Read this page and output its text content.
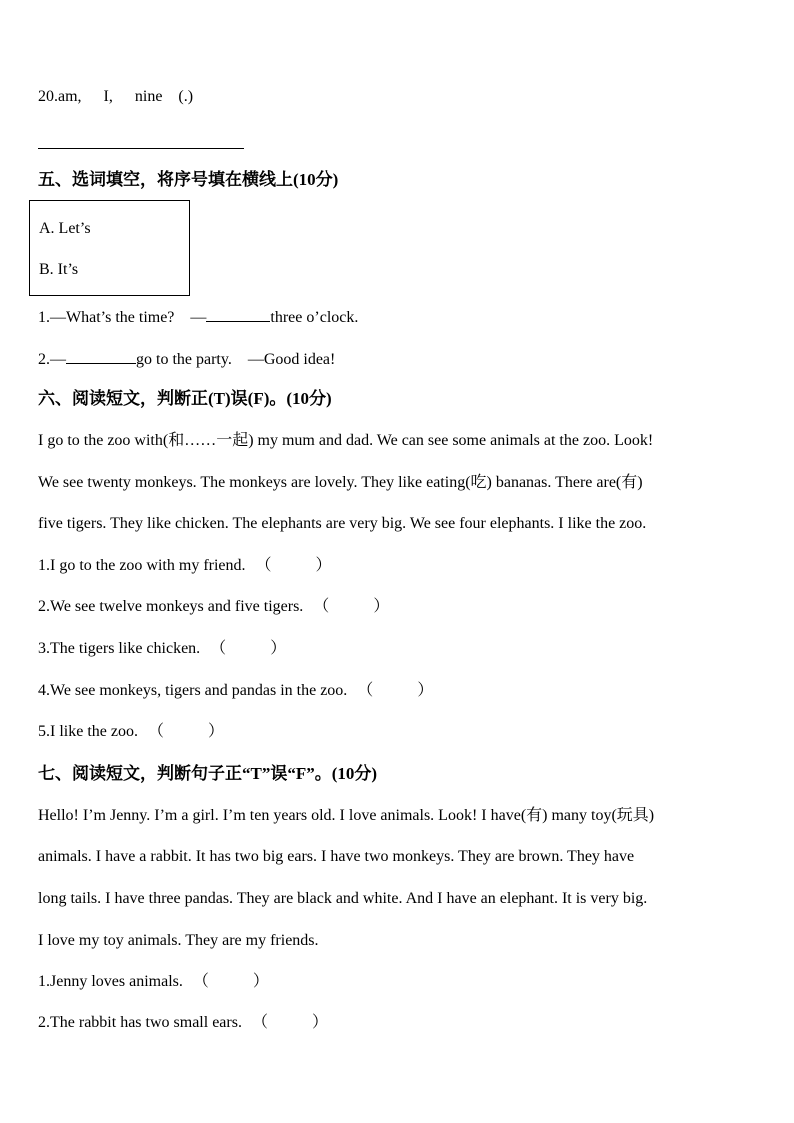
20.am, I, nine (.)
五、选词填空，将序号填在横线上(10分)
A. Let’s
B. It’s
1.—What’s the time? —	three o’clock.
2.—	go to the party. —Good idea!
六、阅读短文，判断正(T)误(F)。(10分)
I go to the zoo with(和……一起) my mum and dad. We can see some animals at the zoo. Look!
We see twenty monkeys. The monkeys are lovely. They like eating(吃) bananas. There are(有)
five tigers. They like chicken. The elephants are very big. We see four elephants. I like the zoo.
1.I go to the zoo with my friend. （	）
2.We see twelve monkeys and five tigers. （	）
3.The tigers like chicken. （	）
4.We see monkeys, tigers and pandas in the zoo. （	）
5.I like the zoo. （	）
七、阅读短文，判断句子正“T”误“F”。(10分)
Hello! I’m Jenny. I’m a girl. I’m ten years old. I love animals. Look! I have(有) many toy(玩具)
animals. I have a rabbit. It has two big ears. I have two monkeys. They are brown. They have
long tails. I have three pandas. They are black and white. And I have an elephant. It is very big.
I love my toy animals. They are my friends.
1.Jenny loves animals. （	）
2.The rabbit has two small ears. （	）
